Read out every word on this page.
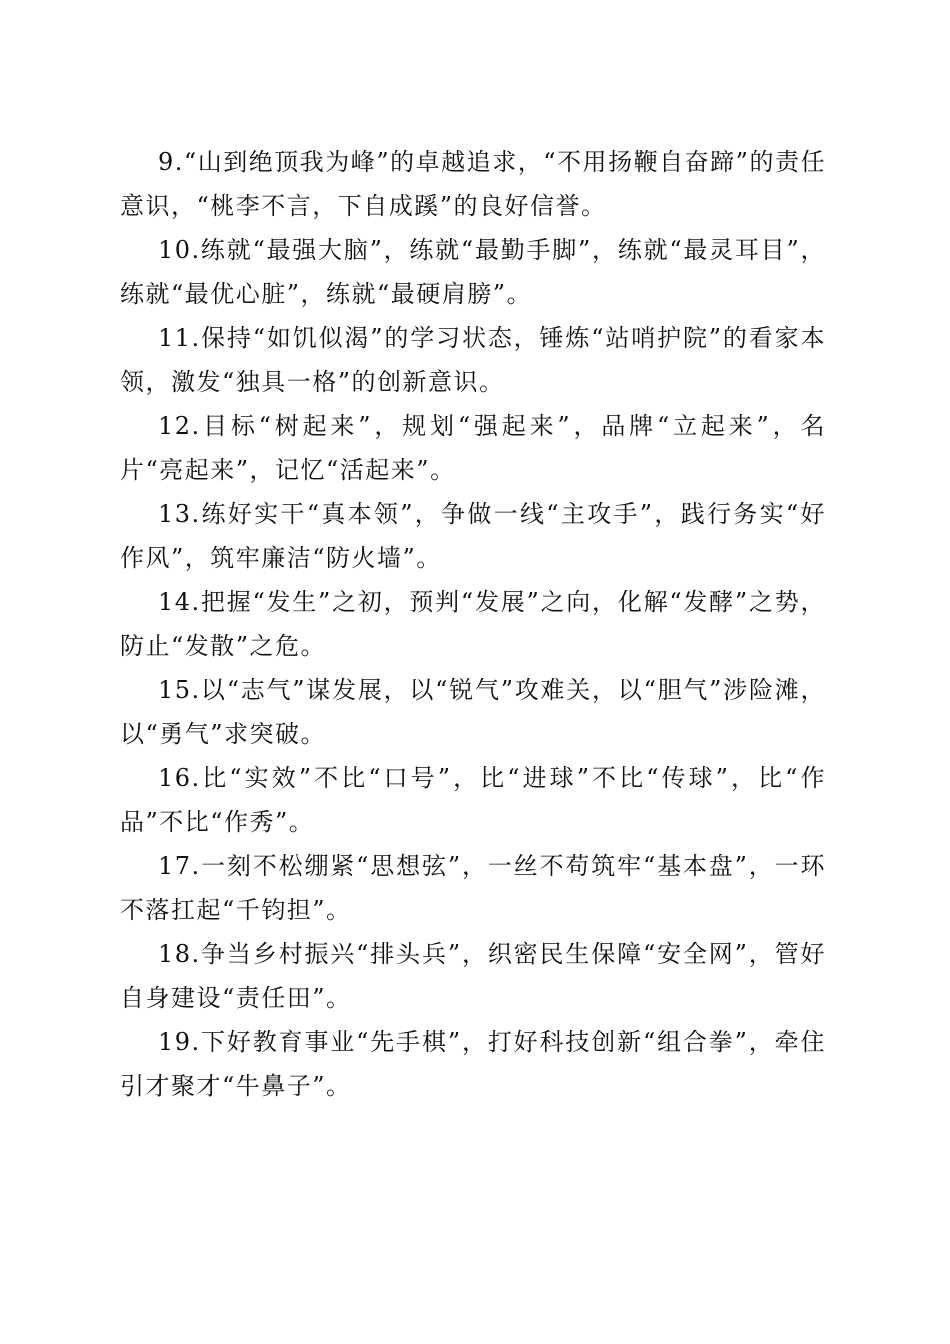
9.“山到绝顶我为峰”的卓越追求，“不用扬鞭自奋蹄”的责任意识，“桃李不言，下自成蹊”的良好信誉。

10.练就“最强大脑”，练就“最勤手脚”，练就“最灵耳目”，练就“最优心脏”，练就“最硬肩膀”。

11.保持“如饥似渴”的学习状态，锤炼“站哨护院”的看家本领，激发“独具一格”的创新意识。

12.目标“树起来”，规划“强起来”，品牌“立起来”，名片“亮起来”，记忆“活起来”。

13.练好实干“真本领”，争做一线“主攻手”，践行务实“好作风”，筑牢廉洁“防火墙”。

14.把握“发生”之初，预判“发展”之向，化解“发酵”之势，防止“发散”之危。

15.以“志气”谋发展，以“锐气”攻难关，以“胆气”涉险滩，以“勇气”求突破。

16.比“实效”不比“口号”，比“进球”不比“传球”，比“作品”不比“作秀”。

17.一刻不松绷紧“思想弦”，一丝不苟筑牢“基本盘”，一环不落扛起“千钧担”。

18.争当乡村振兴“排头兵”，织密民生保障“安全网”，管好自身建设“责任田”。

19.下好教育事业“先手棋”，打好科技创新“组合拳”，牵住引才聚才“牛鼻子”。
